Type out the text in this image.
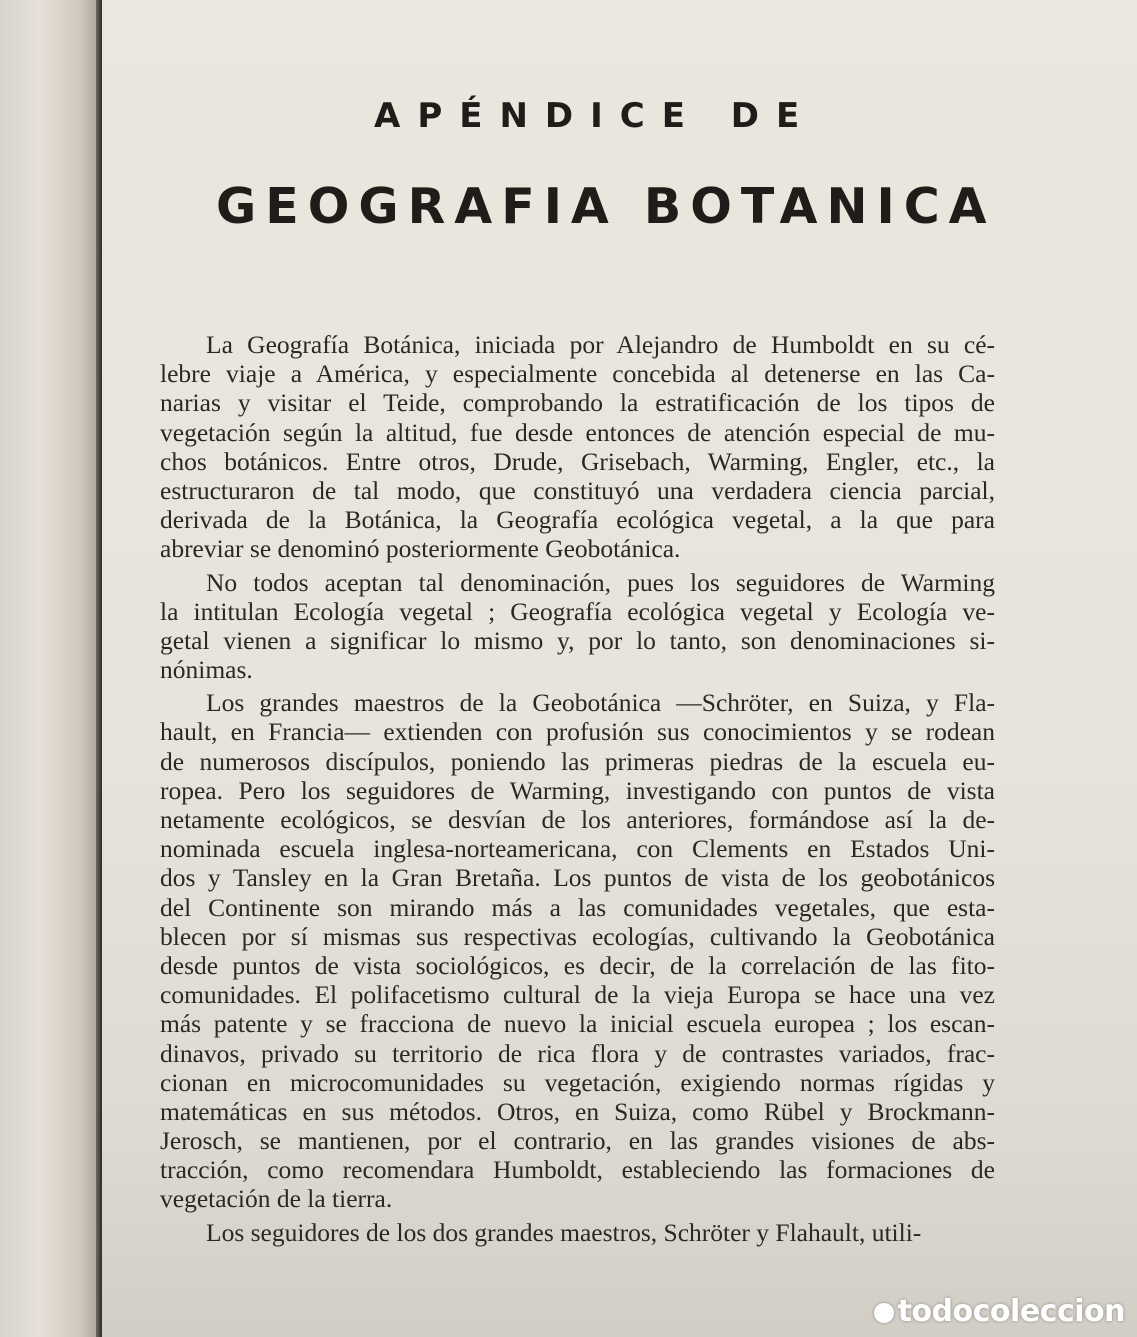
APÉNDICE DE
GEOGRAFIA BOTANICA
La Geografía Botánica, iniciada por Alejandro de Humboldt en su cé-
lebre viaje a América, y especialmente concebida al detenerse en las Ca-
narias y visitar el Teide, comprobando la estratificación de los tipos de
vegetación según la altitud, fue desde entonces de atención especial de mu-
chos botánicos. Entre otros, Drude, Grisebach, Warming, Engler, etc., la
estructuraron de tal modo, que constituyó una verdadera ciencia parcial,
derivada de la Botánica, la Geografía ecológica vegetal, a la que para
abreviar se denominó posteriormente Geobotánica.
No todos aceptan tal denominación, pues los seguidores de Warming
la intitulan Ecología vegetal ; Geografía ecológica vegetal y Ecología ve-
getal vienen a significar lo mismo y, por lo tanto, son denominaciones si-
nónimas.
Los grandes maestros de la Geobotánica —Schröter, en Suiza, y Fla-
hault, en Francia— extienden con profusión sus conocimientos y se rodean
de numerosos discípulos, poniendo las primeras piedras de la escuela eu-
ropea. Pero los seguidores de Warming, investigando con puntos de vista
netamente ecológicos, se desvían de los anteriores, formándose así la de-
nominada escuela inglesa-norteamericana, con Clements en Estados Uni-
dos y Tansley en la Gran Bretaña. Los puntos de vista de los geobotánicos
del Continente son mirando más a las comunidades vegetales, que esta-
blecen por sí mismas sus respectivas ecologías, cultivando la Geobotánica
desde puntos de vista sociológicos, es decir, de la correlación de las fito-
comunidades. El polifacetismo cultural de la vieja Europa se hace una vez
más patente y se fracciona de nuevo la inicial escuela europea ; los escan-
dinavos, privado su territorio de rica flora y de contrastes variados, frac-
cionan en microcomunidades su vegetación, exigiendo normas rígidas y
matemáticas en sus métodos. Otros, en Suiza, como Rübel y Brockmann-
Jerosch, se mantienen, por el contrario, en las grandes visiones de abs-
tracción, como recomendara Humboldt, estableciendo las formaciones de
vegetación de la tierra.
Los seguidores de los dos grandes maestros, Schröter y Flahault, utili-
todocoleccion
